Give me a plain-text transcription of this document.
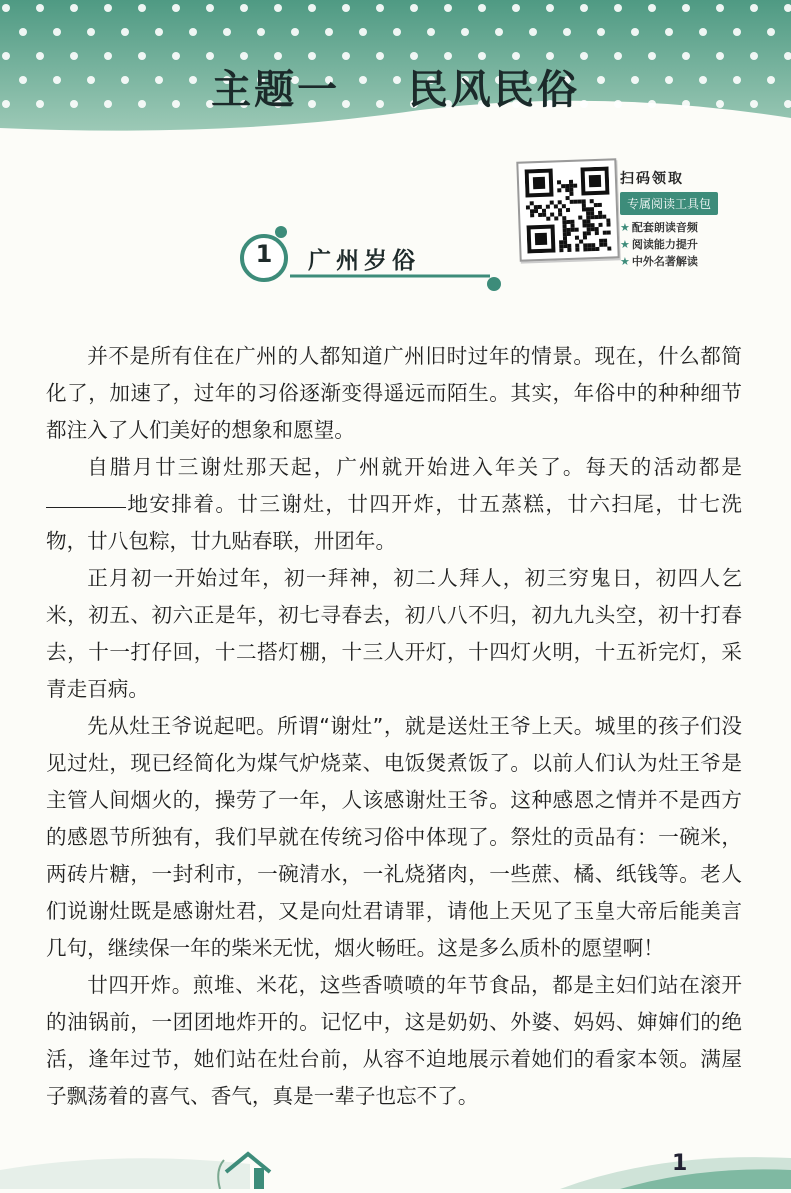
主题一    民风民俗
扫码领取
专属阅读工具包
★ 配套朗读音频
★ 阅读能力提升
★ 中外名著解读
1	广州岁俗

并不是所有住在广州的人都知道广州旧时过年的情景。现在，什么都简化了，加速了，过年的习俗逐渐变得遥远而陌生。其实，年俗中的种种细节都注入了人们美好的想象和愿望。

自腊月廿三谢灶那天起，广州就开始进入年关了。每天的活动都是地安排着。廿三谢灶，廿四开炸，廿五蒸糕，廿六扫尾，廿七洗物，廿八包粽，廿九贴春联，卅团年。

正月初一开始过年，初一拜神，初二人拜人，初三穷鬼日，初四人乞米，初五、初六正是年，初七寻春去，初八八不归，初九九头空，初十打春去，十一打仔回，十二搭灯棚，十三人开灯，十四灯火明，十五祈完灯，采青走百病。

先从灶王爷说起吧。所谓“谢灶”，就是送灶王爷上天。城里的孩子们没见过灶，现已经简化为煤气炉烧菜、电饭煲煮饭了。以前人们认为灶王爷是主管人间烟火的，操劳了一年，人该感谢灶王爷。这种感恩之情并不是西方的感恩节所独有，我们早就在传统习俗中体现了。祭灶的贡品有：一碗米，两砖片糖，一封利市，一碗清水，一礼烧猪肉，一些蔗、橘、纸钱等。老人们说谢灶既是感谢灶君，又是向灶君请罪，请他上天见了玉皇大帝后能美言几句，继续保一年的柴米无忧，烟火畅旺。这是多么质朴的愿望啊！

廿四开炸。煎堆、米花，这些香喷喷的年节食品，都是主妇们站在滚开的油锅前，一团团地炸开的。记忆中，这是奶奶、外婆、妈妈、婶婶们的绝活，逢年过节，她们站在灶台前，从容不迫地展示着她们的看家本领。满屋子飘荡着的喜气、香气，真是一辈子也忘不了。

1
